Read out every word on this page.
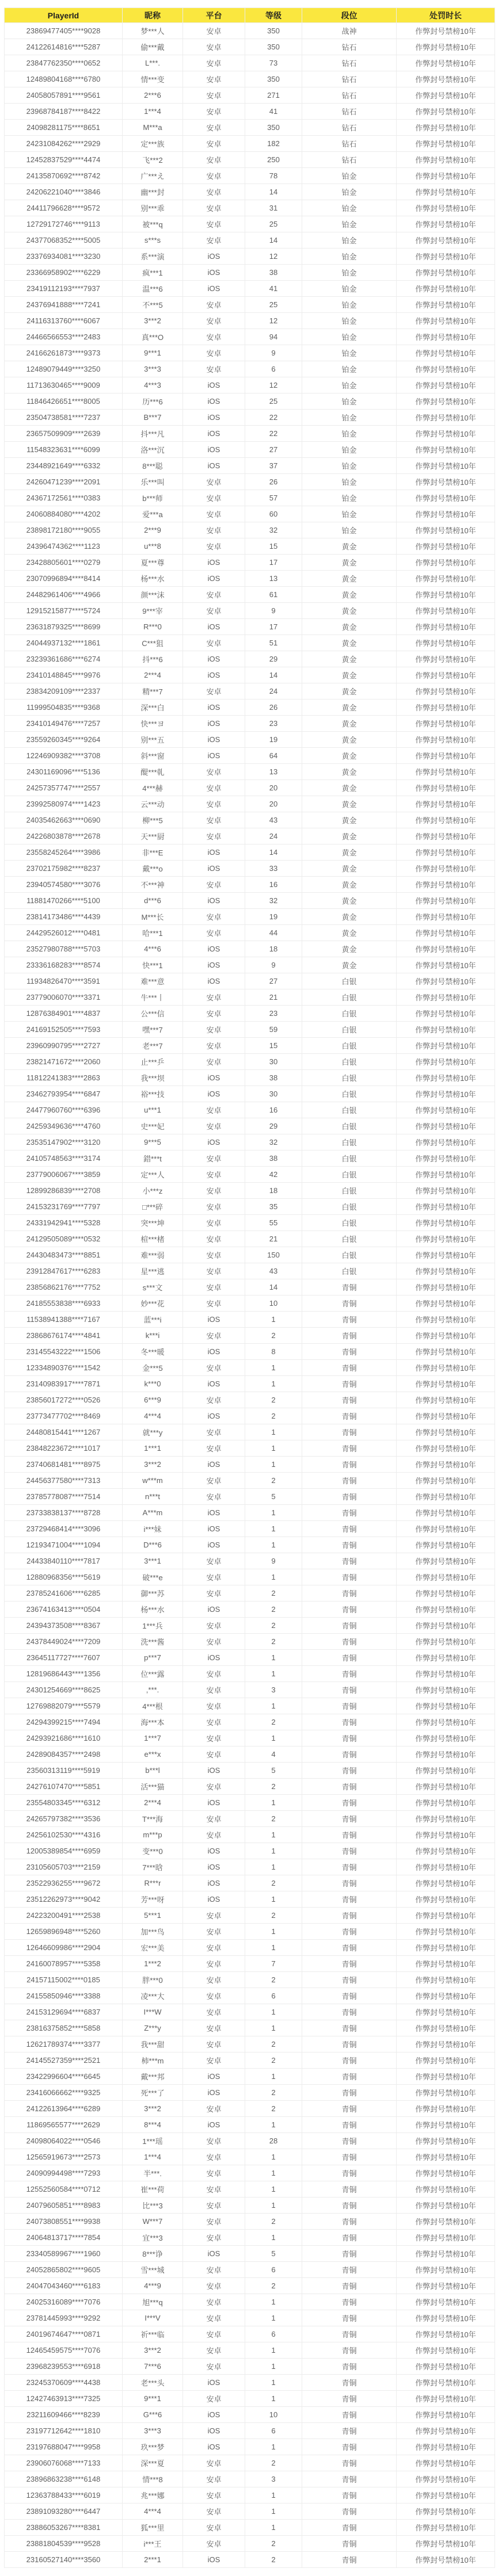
PlayerId	昵称	平台	等级	段位	处罚时长
23869477405****9028	梦***人	安卓	350	战神	作弊封号禁榜10年
24122614816****5287	偷***戴	安卓	350	钻石	作弊封号禁榜10年
23847762350****0652	L***.	安卓	73	钻石	作弊封号禁榜10年
12489804168****6780	情***变	安卓	350	钻石	作弊封号禁榜10年
24058057891****9561	2***6	安卓	271	钻石	作弊封号禁榜10年
23968784187****8422	1***4	安卓	41	钻石	作弊封号禁榜10年
24098281175****8651	M***a	安卓	350	钻石	作弊封号禁榜10年
24231084262****2929	定***族	安卓	182	钻石	作弊封号禁榜10年
12452837529****4474	飞***2	安卓	250	钻石	作弊封号禁榜10年
24135870692****8742	广***え	安卓	78	铂金	作弊封号禁榜10年
24206221040****3846	幽***封	安卓	14	铂金	作弊封号禁榜10年
24411796628****9572	别***乖	安卓	31	铂金	作弊封号禁榜10年
12729172746****9113	被***q	安卓	25	铂金	作弊封号禁榜10年
24377068352****5005	s***s	安卓	14	铂金	作弊封号禁榜10年
23376934081****3230	系***演	iOS	12	铂金	作弊封号禁榜10年
23366958902****6229	疯***1	iOS	38	铂金	作弊封号禁榜10年
23419112193****7937	温***6	iOS	41	铂金	作弊封号禁榜10年
24376941888****7241	不***5	安卓	25	铂金	作弊封号禁榜10年
24116313760****6067	3***2	安卓	12	铂金	作弊封号禁榜10年
24466566553****2483	真***O	安卓	94	铂金	作弊封号禁榜10年
24166261873****9373	9***1	安卓	9	铂金	作弊封号禁榜10年
12489079449****3250	3***3	安卓	6	铂金	作弊封号禁榜10年
11713630465****9009	4***3	iOS	12	铂金	作弊封号禁榜10年
11846426651****8005	历***6	iOS	25	铂金	作弊封号禁榜10年
23504738581****7237	B***7	iOS	22	铂金	作弊封号禁榜10年
23657509909****2639	抖***凡	iOS	22	铂金	作弊封号禁榜10年
11548323631****6099	洛***沉	iOS	27	铂金	作弊封号禁榜10年
23448921649****6332	8***聪	iOS	37	铂金	作弊封号禁榜10年
24260471239****2091	乐***叫	安卓	26	铂金	作弊封号禁榜10年
24367172561****0383	b***师	安卓	57	铂金	作弊封号禁榜10年
24060884080****4202	爱***a	安卓	60	铂金	作弊封号禁榜10年
23898172180****9055	2***9	安卓	32	铂金	作弊封号禁榜10年
24396474362****1123	u***8	安卓	15	黄金	作弊封号禁榜10年
23428805601****0279	夏***尊	iOS	17	黄金	作弊封号禁榜10年
23070996894****8414	杨***水	iOS	13	黄金	作弊封号禁榜10年
24482961406****4966	颜***沫	安卓	61	黄金	作弊封号禁榜10年
12915215877****5724	9***宰	安卓	9	黄金	作弊封号禁榜10年
23631879325****8699	R***0	iOS	17	黄金	作弊封号禁榜10年
24044937132****1861	C***狙	安卓	51	黄金	作弊封号禁榜10年
23239361686****6274	抖***6	iOS	29	黄金	作弊封号禁榜10年
23410148845****9976	2***4	iOS	14	黄金	作弊封号禁榜10年
23834209109****2337	精***7	安卓	24	黄金	作弊封号禁榜10年
11999504835****9368	深***白	iOS	26	黄金	作弊封号禁榜10年
23410149476****7257	快***ヨ	iOS	23	黄金	作弊封号禁榜10年
23559260345****9264	别***五	iOS	19	黄金	作弊封号禁榜10年
12246909382****3708	斜***窗	iOS	64	黄金	作弊封号禁榜10年
24301169096****5136	醍***乹	安卓	13	黄金	作弊封号禁榜10年
24257357747****2557	4***赫	安卓	20	黄金	作弊封号禁榜10年
23992580974****1423	云***动	安卓	20	黄金	作弊封号禁榜10年
24035462663****0690	柳***5	安卓	43	黄金	作弊封号禁榜10年
24226803878****2678	天***厨	安卓	24	黄金	作弊封号禁榜10年
23558245264****3986	非***E	iOS	14	黄金	作弊封号禁榜10年
23702175982****8237	戴***o	iOS	33	黄金	作弊封号禁榜10年
23940574580****3076	不***神	安卓	16	黄金	作弊封号禁榜10年
11881470266****5100	d***6	iOS	32	黄金	作弊封号禁榜10年
23814173486****4439	M***长	安卓	19	黄金	作弊封号禁榜10年
24429526012****0481	哈***1	安卓	44	黄金	作弊封号禁榜10年
23527980788****5703	4***6	iOS	18	黄金	作弊封号禁榜10年
23336168283****8574	快***1	iOS	9	黄金	作弊封号禁榜10年
11934826470****3591	难***意	iOS	27	白银	作弊封号禁榜10年
23779006070****3371	牛***丨	安卓	21	白银	作弊封号禁榜10年
12876384901****4837	公***信	安卓	23	白银	作弊封号禁榜10年
24169152505****7593	嘿***7	安卓	59	白银	作弊封号禁榜10年
23960990795****2727	老***7	安卓	15	白银	作弊封号禁榜10年
23821471672****2060	止***乒	安卓	30	白银	作弊封号禁榜10年
11812241383****2863	我***坝	iOS	38	白银	作弊封号禁榜10年
23462793954****6847	裕***技	iOS	30	白银	作弊封号禁榜10年
24477960760****6396	u***1	安卓	16	白银	作弊封号禁榜10年
24259349636****4760	史***妃	安卓	29	白银	作弊封号禁榜10年
23535147902****3120	9***5	iOS	32	白银	作弊封号禁榜10年
24105748563****3174	錯***t	安卓	38	白银	作弊封号禁榜10年
23779006067****3859	定***人	安卓	42	白银	作弊封号禁榜10年
12899286839****2708	小***z	安卓	18	白银	作弊封号禁榜10年
24153231769****7797	□***碎	安卓	35	白银	作弊封号禁榜10年
24331942941****5328	突***坤	安卓	55	白银	作弊封号禁榜10年
24129505089****0532	楦***楮	安卓	21	白银	作弊封号禁榜10年
24430483473****8851	难***弱	安卓	150	白银	作弊封号禁榜10年
23912847617****6283	星***逃	安卓	43	白银	作弊封号禁榜10年
23856862176****7752	s***文	安卓	14	青铜	作弊封号禁榜10年
24185553838****6933	妙***花	安卓	10	青铜	作弊封号禁榜10年
11538941388****7167	蓝***i	iOS	1	青铜	作弊封号禁榜10年
23868676174****4841	k***i	安卓	2	青铜	作弊封号禁榜10年
23145543222****1506	冬***暖	iOS	8	青铜	作弊封号禁榜10年
12334890376****1542	金***5	安卓	1	青铜	作弊封号禁榜10年
23140983917****7871	k***0	iOS	1	青铜	作弊封号禁榜10年
23856017272****0526	6***9	安卓	2	青铜	作弊封号禁榜10年
23773477702****8469	4***4	iOS	2	青铜	作弊封号禁榜10年
24480815441****1267	就***y	安卓	1	青铜	作弊封号禁榜10年
23848223672****1017	1***1	安卓	1	青铜	作弊封号禁榜10年
23740681481****8975	3***2	iOS	1	青铜	作弊封号禁榜10年
24456377580****7313	w***m	安卓	2	青铜	作弊封号禁榜10年
23785778087****7514	n***t	安卓	5	青铜	作弊封号禁榜10年
23733838137****8728	A***m	iOS	1	青铜	作弊封号禁榜10年
23729468414****3096	i***妹	iOS	1	青铜	作弊封号禁榜10年
12193471004****1094	D***6	iOS	1	青铜	作弊封号禁榜10年
24433840110****7817	3***1	安卓	9	青铜	作弊封号禁榜10年
12880968356****5619	破***e	安卓	1	青铜	作弊封号禁榜10年
23785241606****6285	御***苏	安卓	2	青铜	作弊封号禁榜10年
23674163413****0504	杨***水	iOS	2	青铜	作弊封号禁榜10年
24394373508****8367	1***兵	安卓	2	青铜	作弊封号禁榜10年
24378449024****7209	洗***酱	安卓	2	青铜	作弊封号禁榜10年
23645117727****7607	p***7	iOS	1	青铜	作弊封号禁榜10年
12819686443****1356	位***露	安卓	1	青铜	作弊封号禁榜10年
24301254669****8625	,***.	安卓	3	青铜	作弊封号禁榜10年
12769882079****5579	4***根	安卓	1	青铜	作弊封号禁榜10年
24294399215****7494	海***本	安卓	2	青铜	作弊封号禁榜10年
24293921686****1610	1***7	安卓	1	青铜	作弊封号禁榜10年
24289084357****2498	e***x	安卓	4	青铜	作弊封号禁榜10年
23560313119****5919	b***l	iOS	5	青铜	作弊封号禁榜10年
24276107470****5851	活***猫	安卓	2	青铜	作弊封号禁榜10年
23554803345****6312	2***4	iOS	1	青铜	作弊封号禁榜10年
24265797382****3536	T***海	安卓	2	青铜	作弊封号禁榜10年
24256102530****4316	m***p	安卓	1	青铜	作弊封号禁榜10年
12005389854****6959	变***0	iOS	1	青铜	作弊封号禁榜10年
23105605703****2159	7***晗	iOS	1	青铜	作弊封号禁榜10年
23522936255****9672	R***r	iOS	2	青铜	作弊封号禁榜10年
23512262973****9042	芳***呀	iOS	1	青铜	作弊封号禁榜10年
24223200491****2538	5***1	安卓	2	青铜	作弊封号禁榜10年
12659896948****5260	加***鸟	安卓	1	青铜	作弊封号禁榜10年
12646609986****2904	宏***美	安卓	1	青铜	作弊封号禁榜10年
24160078957****5358	1***2	安卓	7	青铜	作弊封号禁榜10年
24157115002****0185	胖***0	安卓	2	青铜	作弊封号禁榜10年
24155850946****3388	凌***大	安卓	6	青铜	作弊封号禁榜10年
24153129694****6837	I***W	安卓	1	青铜	作弊封号禁榜10年
23816375852****5858	Z***y	安卓	1	青铜	作弊封号禁榜10年
12621789374****3377	我***甜	安卓	2	青铜	作弊封号禁榜10年
24145527359****2521	柿***m	安卓	2	青铜	作弊封号禁榜10年
23422996604****6645	戴***邦	iOS	1	青铜	作弊封号禁榜10年
23416066662****9325	死***了	iOS	2	青铜	作弊封号禁榜10年
24122613964****6289	3***2	安卓	2	青铜	作弊封号禁榜10年
11869565577****2629	8***4	iOS	1	青铜	作弊封号禁榜10年
24098064022****0546	1***瑶	安卓	28	青铜	作弊封号禁榜10年
12565919673****2573	1***4	安卓	1	青铜	作弊封号禁榜10年
24090994498****7293	半***.	安卓	1	青铜	作弊封号禁榜10年
12552560584****0712	崔***荷	安卓	1	青铜	作弊封号禁榜10年
24079605851****8983	比***3	安卓	1	青铜	作弊封号禁榜10年
24073808551****9938	W***7	安卓	2	青铜	作弊封号禁榜10年
24064813717****7854	宜***3	安卓	1	青铜	作弊封号禁榜10年
23340589967****1960	8***诤	iOS	5	青铜	作弊封号禁榜10年
24052865802****9605	雪***城	安卓	6	青铜	作弊封号禁榜10年
24047043460****6183	4***9	安卓	2	青铜	作弊封号禁榜10年
24025316089****7076	旭***q	安卓	1	青铜	作弊封号禁榜10年
23781445993****9292	I***V	安卓	1	青铜	作弊封号禁榜10年
24019674647****0871	祈***临	安卓	6	青铜	作弊封号禁榜10年
12465459575****7076	3***2	安卓	1	青铜	作弊封号禁榜10年
23968239553****6918	7***6	安卓	1	青铜	作弊封号禁榜10年
23245370609****4438	老***头	iOS	1	青铜	作弊封号禁榜10年
12427463913****7325	9***1	安卓	1	青铜	作弊封号禁榜10年
23211609466****8239	G***6	iOS	10	青铜	作弊封号禁榜10年
23197712642****1810	3***3	iOS	6	青铜	作弊封号禁榜10年
23197688047****9958	玖***梦	iOS	1	青铜	作弊封号禁榜10年
23906076068****7133	深***夏	安卓	2	青铜	作弊封号禁榜10年
23896863238****6148	情***8	安卓	3	青铜	作弊封号禁榜10年
12363788433****6019	兆***娜	安卓	1	青铜	作弊封号禁榜10年
23891093280****6447	4***4	安卓	1	青铜	作弊封号禁榜10年
23886053267****8381	狐***里	安卓	1	青铜	作弊封号禁榜10年
23881804539****9528	i***王	安卓	2	青铜	作弊封号禁榜10年
23160527140****3560	2***1	iOS	2	青铜	作弊封号禁榜10年
